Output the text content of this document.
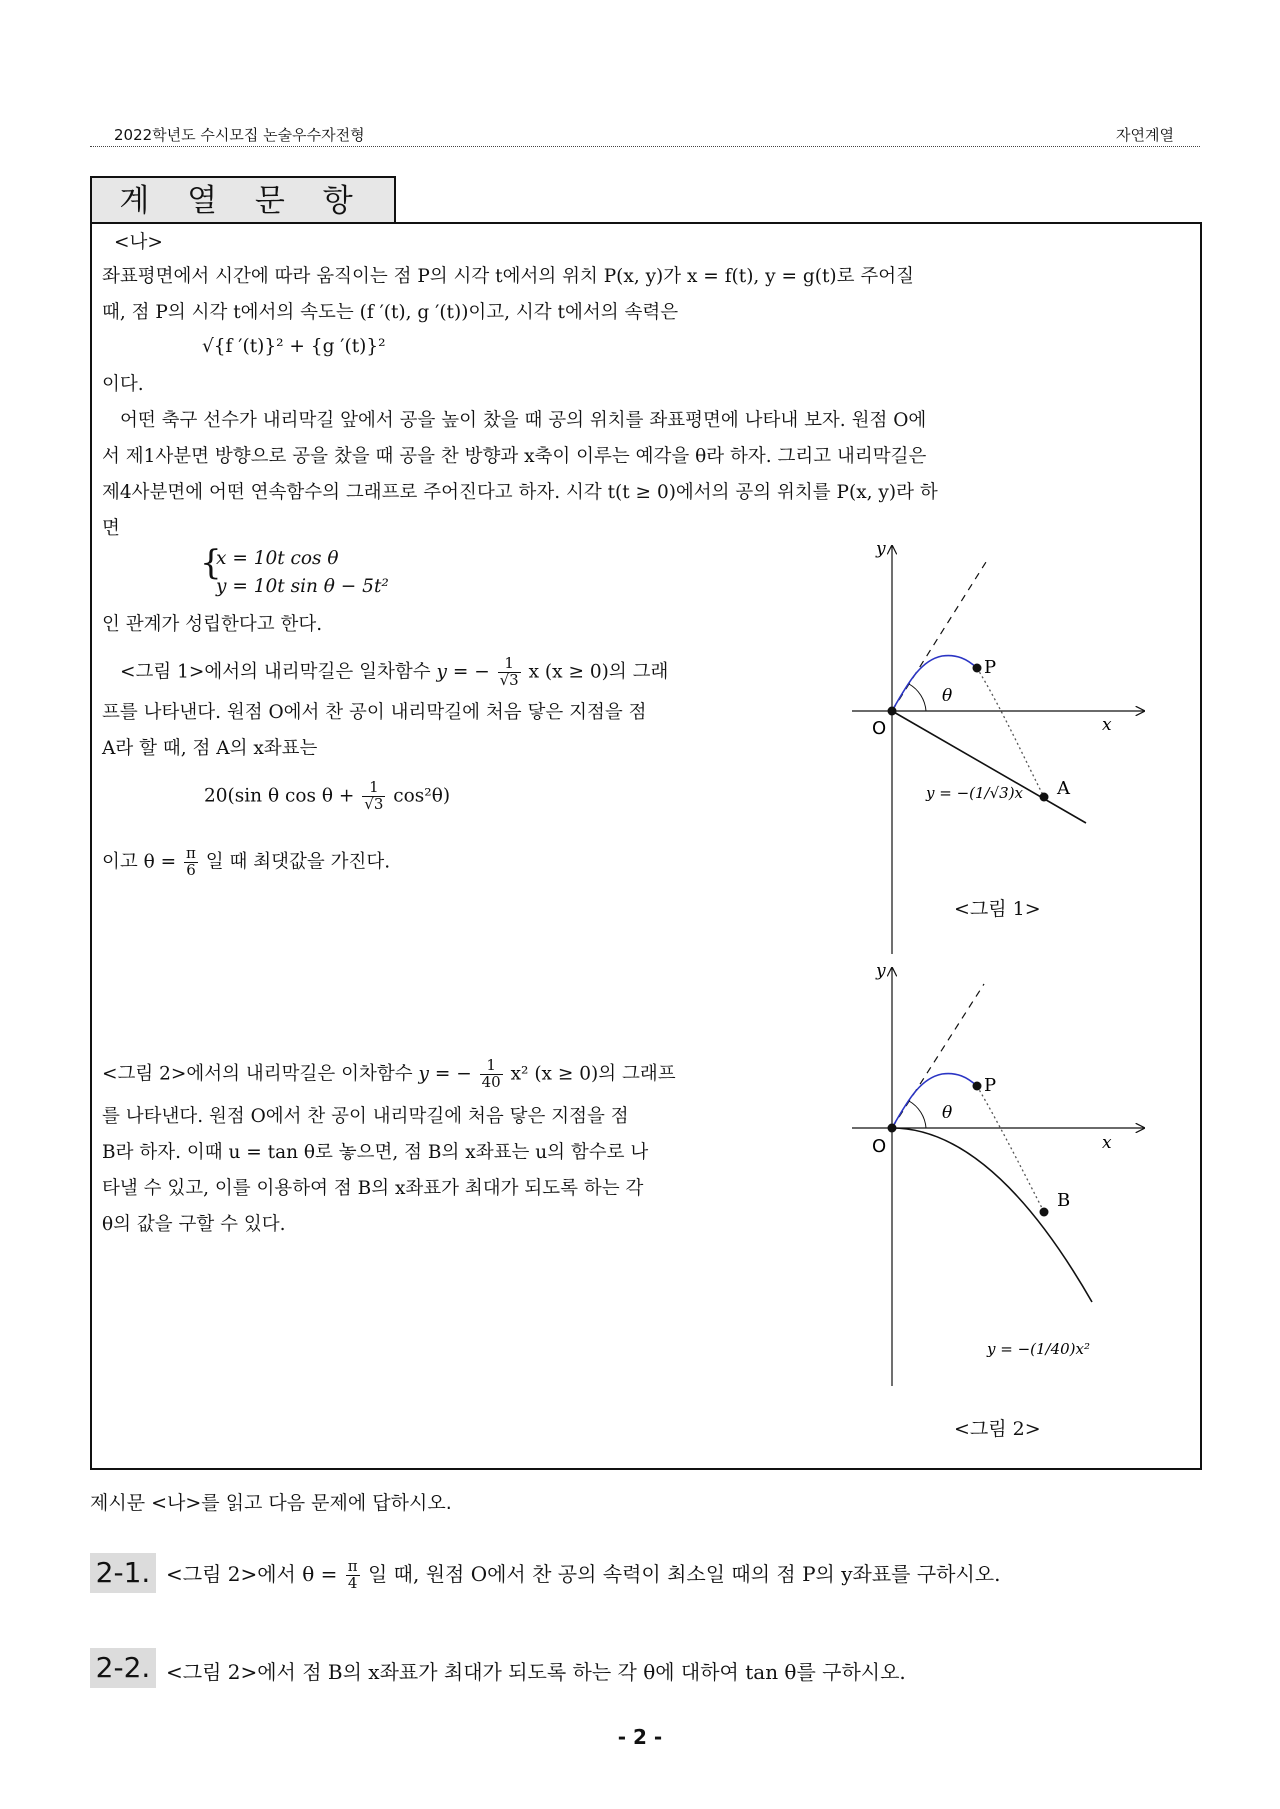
2022학년도 수시모집 논술우수자전형	자연계열
계 열 문 항
<나>
좌표평면에서 시간에 따라 움직이는 점 P의 시각 t에서의 위치 P(x, y)가 x = f(t), y = g(t)로 주어질
때, 점 P의 시각 t에서의 속도는 (f ′(t), g ′(t))이고, 시각 t에서의 속력은
√{f ′(t)}² + {g ′(t)}²
이다.
어떤 축구 선수가 내리막길 앞에서 공을 높이 찼을 때 공의 위치를 좌표평면에 나타내 보자. 원점 O에
서 제1사분면 방향으로 공을 찼을 때 공을 찬 방향과 x축이 이루는 예각을 θ라 하자. 그리고 내리막길은
제4사분면에 어떤 연속함수의 그래프로 주어진다고 하자. 시각 t(t ≥ 0)에서의 공의 위치를 P(x, y)라 하
면
{
x = 10t cos θ
y = 10t sin θ − 5t²
인 관계가 성립한다고 한다.
<그림 1>에서의 내리막길은 일차함수 y = − $\frac{1}{√3}$ x (x ≥ 0)의 그래
프를 나타낸다. 원점 O에서 찬 공이 내리막길에 처음 닿은 지점을 점
A라 할 때, 점 A의 x좌표는
20(sin θ $\cos \theta + \frac{1}{√3} \cos^2\theta$)
이고 $\theta = \frac{\pi}{6}$ 일 때 최댓값을 가진다.
<그림 2>에서의 내리막길은 이차함수 y = − $\frac{1}{40} x^2$ (x ≥ 0)의 그래프
를 나타낸다. 원점 O에서 찬 공이 내리막길에 처음 닿은 지점을 점
B라 하자. 이때 u = tan θ로 놓으면, 점 B의 x좌표는 u의 함수로 나
타낼 수 있고, 이를 이용하여 점 B의 x좌표가 최대가 되도록 하는 각
θ의 값을 구할 수 있다.
y
x
O
P
θ
A
y = −(1/√3)x
<그림 1>
y
x
O
P
θ
B
y = −(1/40)x²
<그림 2>
제시문 <나>를 읽고 다음 문제에 답하시오.
2-1. <그림 2>에서 $\theta = \frac{\pi}{4}$ 일 때, 원점 O에서 찬 공의 속력이 최소일 때의 점 P의 y좌표를 구하시오.
2-2. <그림 2>에서 점 B의 x좌표가 최대가 되도록 하는 각 θ에 대하여 tan θ를 구하시오.
- 2 -
